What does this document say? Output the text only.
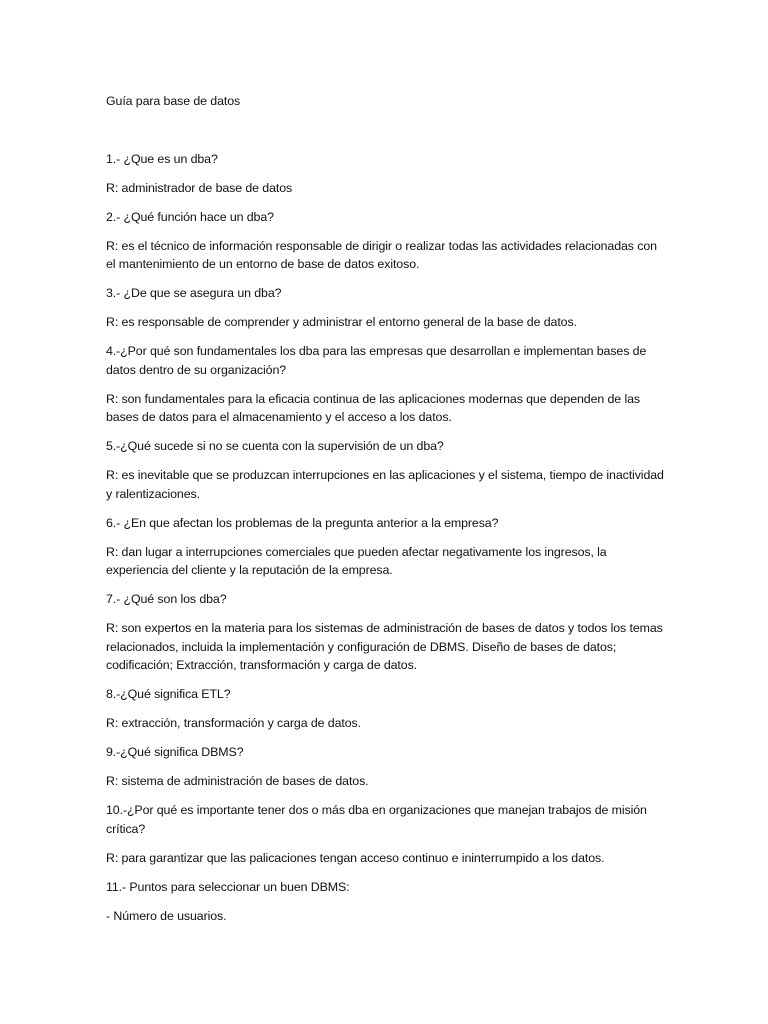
Guía para base de datos

1.- ¿Que es un dba?

R: administrador de base de datos

2.- ¿Qué función hace un dba?

R: es el técnico de información responsable de dirigir o realizar todas las actividades relacionadas con el mantenimiento de un entorno de base de datos exitoso.

3.- ¿De que se asegura un dba?

R: es responsable de comprender y administrar el entorno general de la base de datos.

4.-¿Por qué son fundamentales los dba para las empresas que desarrollan e implementan bases de datos dentro de su organización?

R: son fundamentales para la eficacia continua de las aplicaciones modernas que dependen de las bases de datos para el almacenamiento y el acceso a los datos.

5.-¿Qué sucede si no se cuenta con la supervisión de un dba?

R: es inevitable que se produzcan interrupciones en las aplicaciones y el sistema, tiempo de inactividad y ralentizaciones.

6.- ¿En que afectan los problemas de la pregunta anterior a la empresa?

R: dan lugar a interrupciones comerciales que pueden afectar negativamente los ingresos, la experiencia del cliente y la reputación de la empresa.

7.- ¿Qué son los dba?

R: son expertos en la materia para los sistemas de administración de bases de datos y todos los temas relacionados, incluida la implementación y configuración de DBMS. Diseño de bases de datos; codificación; Extracción, transformación y carga de datos.

8.-¿Qué significa ETL?

R: extracción, transformación y carga de datos.

9.-¿Qué significa DBMS?

R: sistema de administración de bases de datos.

10.-¿Por qué es importante tener dos o más dba en organizaciones que manejan trabajos de misión crítica?

R: para garantizar que las palicaciones tengan acceso continuo e ininterrumpido a los datos.

11.- Puntos para seleccionar un buen DBMS:

- Número de usuarios.
